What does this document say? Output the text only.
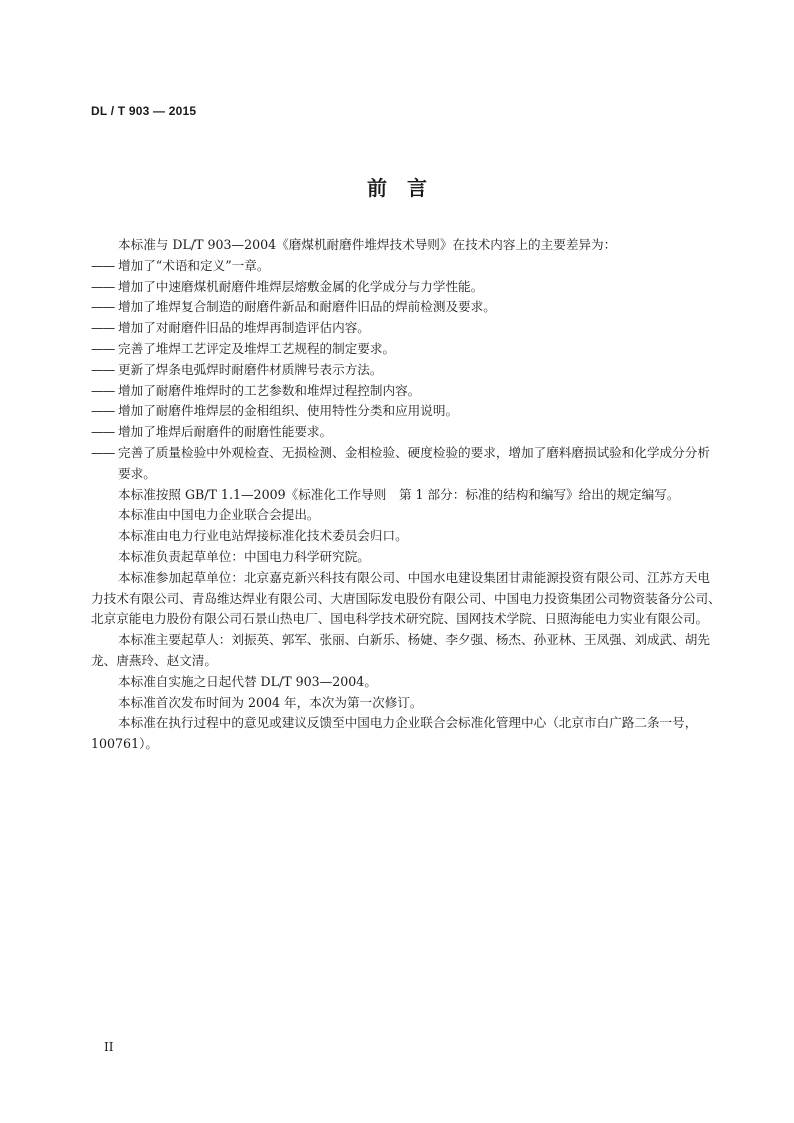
DL / T 903 — 2015
前　言

本标准与 DL/T 903—2004《磨煤机耐磨件堆焊技术导则》在技术内容上的主要差异为：

—— 增加了“术语和定义”一章。

—— 增加了中速磨煤机耐磨件堆焊层熔敷金属的化学成分与力学性能。

—— 增加了堆焊复合制造的耐磨件新品和耐磨件旧品的焊前检测及要求。

—— 增加了对耐磨件旧品的堆焊再制造评估内容。

—— 完善了堆焊工艺评定及堆焊工艺规程的制定要求。

—— 更新了焊条电弧焊时耐磨件材质牌号表示方法。

—— 增加了耐磨件堆焊时的工艺参数和堆焊过程控制内容。

—— 增加了耐磨件堆焊层的金相组织、使用特性分类和应用说明。

—— 增加了堆焊后耐磨件的耐磨性能要求。

—— 完善了质量检验中外观检查、无损检测、金相检验、硬度检验的要求，增加了磨料磨损试验和化学成分分析要求。

本标准按照 GB/T 1.1—2009《标准化工作导则　第 1 部分：标准的结构和编写》给出的规定编写。

本标准由中国电力企业联合会提出。

本标准由电力行业电站焊接标准化技术委员会归口。

本标准负责起草单位：中国电力科学研究院。

本标准参加起草单位：北京嘉克新兴科技有限公司、中国水电建设集团甘肃能源投资有限公司、江苏方天电力技术有限公司、青岛维达焊业有限公司、大唐国际发电股份有限公司、中国电力投资集团公司物资装备分公司、北京京能电力股份有限公司石景山热电厂、国电科学技术研究院、国网技术学院、日照海能电力实业有限公司。

本标准主要起草人：刘振英、郭军、张丽、白新乐、杨婕、李夕强、杨杰、孙亚林、王凤强、刘成武、胡先龙、唐燕玲、赵文清。

本标准自实施之日起代替 DL/T 903—2004。

本标准首次发布时间为 2004 年，本次为第一次修订。

本标准在执行过程中的意见或建议反馈至中国电力企业联合会标准化管理中心（北京市白广路二条一号，100761）。

II
